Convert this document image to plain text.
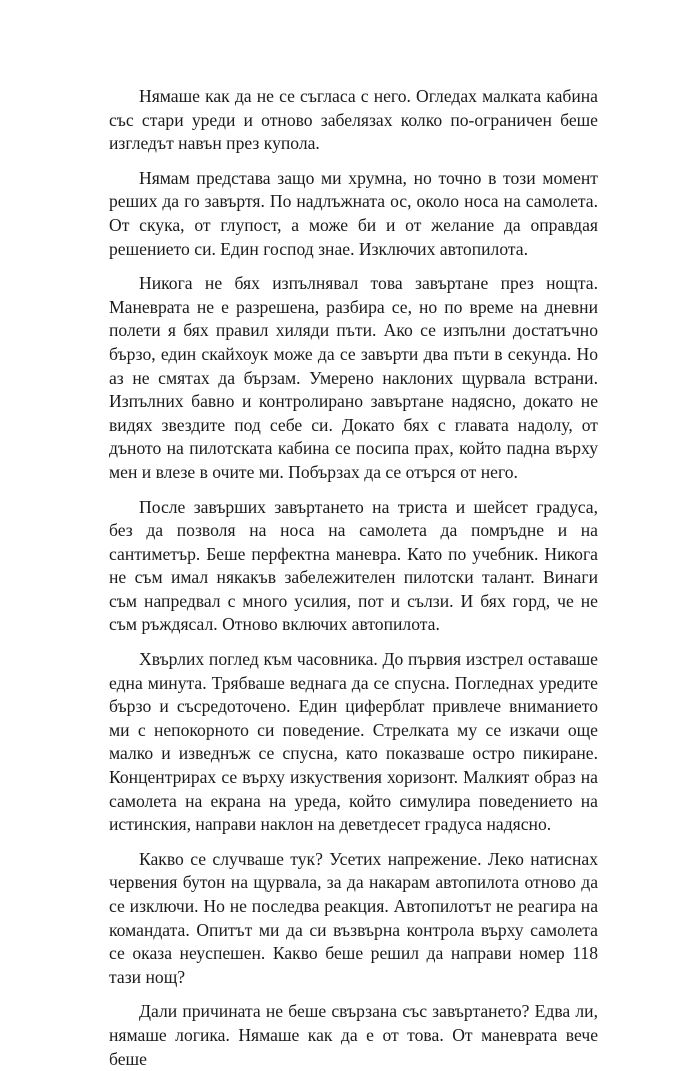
Нямаше как да не се съгласа с него. Огледах малката кабина със стари уреди и отново забелязах колко по-ограничен беше изгледът навън през купола.

Нямам представа защо ми хрумна, но точно в този момент реших да го завъртя. По надлъжната ос, около носа на самолета. От скука, от глупост, а може би и от желание да оправдая решението си. Един господ знае. Изключих автопилота.

Никога не бях изпълнявал това завъртане през нощта. Маневрата не е разрешена, разбира се, но по време на дневни полети я бях правил хиляди пъти. Ако се изпълни достатъчно бързо, един скайхоук може да се завърти два пъти в секунда. Но аз не смятах да бързам. Умерено наклоних щурвала встрани. Изпълних бавно и контролирано завъртане надясно, докато не видях звездите под себе си. Докато бях с главата надолу, от дъното на пилотската кабина се посипа прах, който падна върху мен и влезе в очите ми. Побързах да се отърся от него.

После завърших завъртането на триста и шейсет градуса, без да позволя на носа на самолета да помръдне и на сантиметър. Беше перфектна маневра. Като по учебник. Никога не съм имал някакъв забележителен пилотски талант. Винаги съм напредвал с много усилия, пот и сълзи. И бях горд, че не съм ръждясал. Отново включих автопилота.

Хвърлих поглед към часовника. До първия изстрел оставаше една минута. Трябваше веднага да се спусна. Погледнах уредите бързо и съсредоточено. Един циферблат привлече вниманието ми с непокорното си поведение. Стрелката му се изкачи още малко и изведнъж се спусна, като показваше остро пикиране. Концентрирах се върху изкуствения хоризонт. Малкият образ на самолета на екрана на уреда, който симулира поведението на истинския, направи наклон на деветдесет градуса надясно.

Какво се случваше тук? Усетих напрежение. Леко натиснах червения бутон на щурвала, за да накарам автопилота отново да се изключи. Но не последва реакция. Автопилотът не реагира на командата. Опитът ми да си възвърна контрола върху самолета се оказа неуспешен. Какво беше решил да направи номер 118 тази нощ?

Дали причината не беше свързана със завъртането? Едва ли, нямаше логика. Нямаше как да е от това. От маневрата вече беше
